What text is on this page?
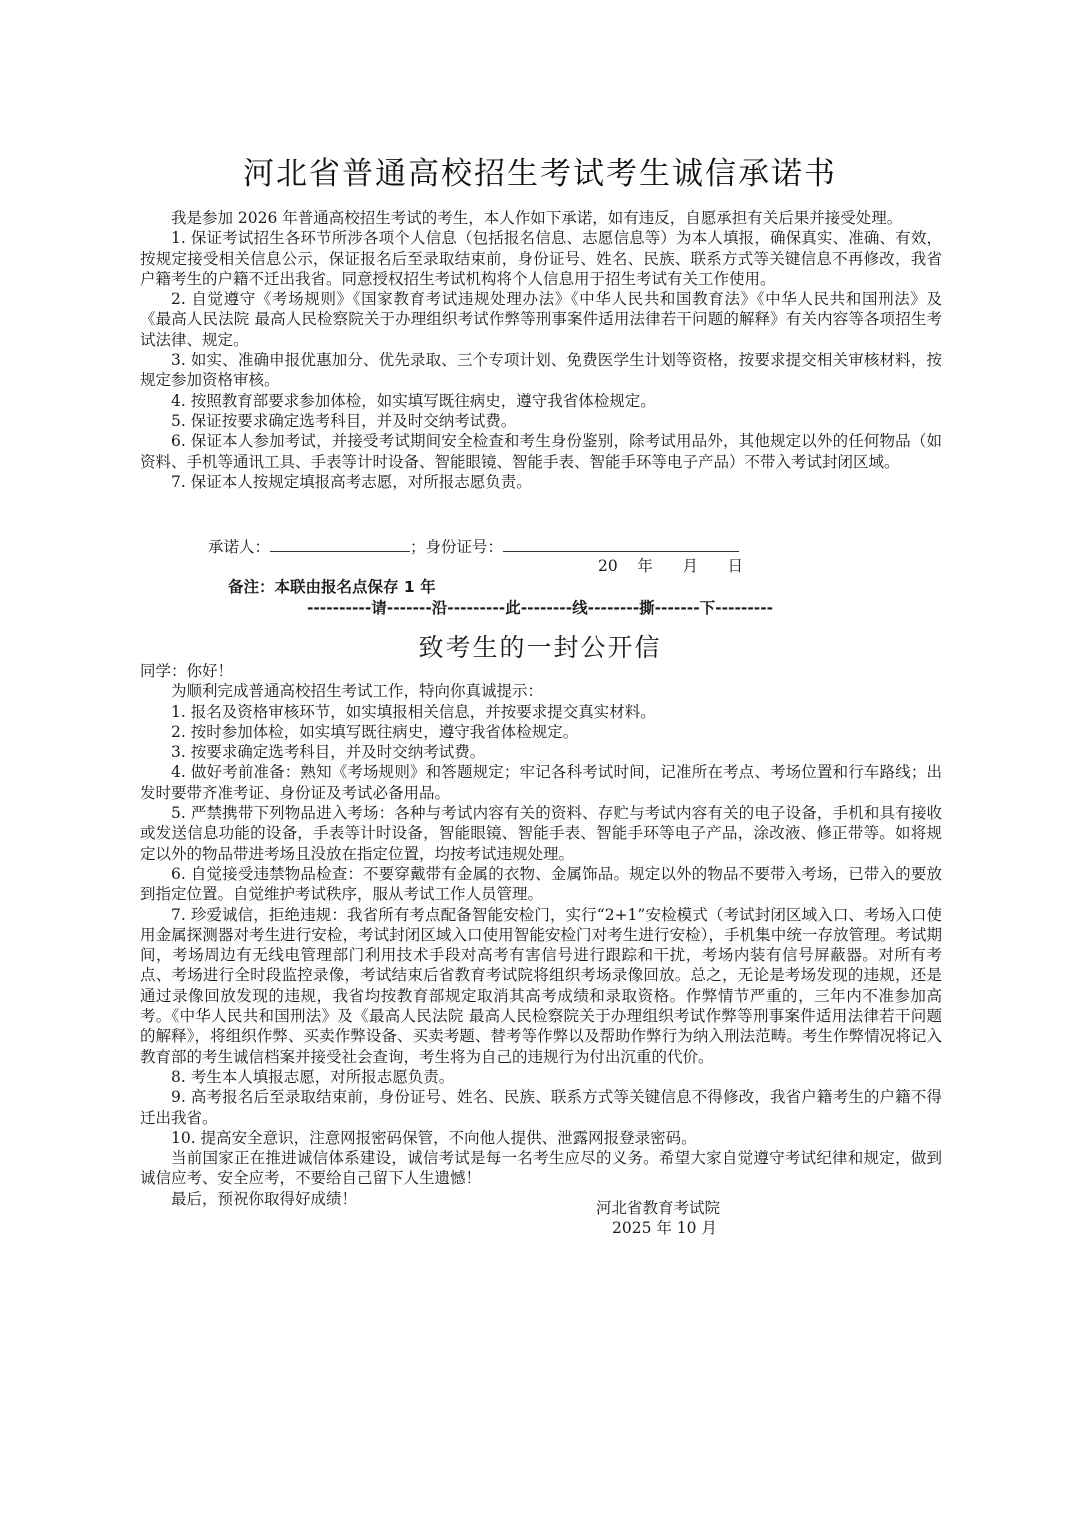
河北省普通高校招生考试考生诚信承诺书

我是参加 2026 年普通高校招生考试的考生，本人作如下承诺，如有违反，自愿承担有关后果并接受处理。

1. 保证考试招生各环节所涉各项个人信息（包括报名信息、志愿信息等）为本人填报，确保真实、准确、有效，按规定接受相关信息公示，保证报名后至录取结束前，身份证号、姓名、民族、联系方式等关键信息不再修改，我省户籍考生的户籍不迁出我省。同意授权招生考试机构将个人信息用于招生考试有关工作使用。

2. 自觉遵守《考场规则》《国家教育考试违规处理办法》《中华人民共和国教育法》《中华人民共和国刑法》及《最高人民法院 最高人民检察院关于办理组织考试作弊等刑事案件适用法律若干问题的解释》有关内容等各项招生考试法律、规定。

3. 如实、准确申报优惠加分、优先录取、三个专项计划、免费医学生计划等资格，按要求提交相关审核材料，按规定参加资格审核。

4. 按照教育部要求参加体检，如实填写既往病史，遵守我省体检规定。

5. 保证按要求确定选考科目，并及时交纳考试费。

6. 保证本人参加考试，并接受考试期间安全检查和考生身份鉴别，除考试用品外，其他规定以外的任何物品（如资料、手机等通讯工具、手表等计时设备、智能眼镜、智能手表、智能手环等电子产品）不带入考试封闭区域。

7. 保证本人按规定填报高考志愿，对所报志愿负责。

承诺人：	；身份证号：
20    年      月      日
备注：本联由报名点保存 1 年
----------请-------沿---------此--------线--------撕-------下---------
致考生的一封公开信

同学：你好！

为顺利完成普通高校招生考试工作，特向你真诚提示：

1. 报名及资格审核环节，如实填报相关信息，并按要求提交真实材料。

2. 按时参加体检，如实填写既往病史，遵守我省体检规定。

3. 按要求确定选考科目，并及时交纳考试费。

4. 做好考前准备：熟知《考场规则》和答题规定；牢记各科考试时间，记准所在考点、考场位置和行车路线；出发时要带齐准考证、身份证及考试必备用品。

5. 严禁携带下列物品进入考场：各种与考试内容有关的资料、存贮与考试内容有关的电子设备，手机和具有接收或发送信息功能的设备，手表等计时设备，智能眼镜、智能手表、智能手环等电子产品，涂改液、修正带等。如将规定以外的物品带进考场且没放在指定位置，均按考试违规处理。

6. 自觉接受违禁物品检查：不要穿戴带有金属的衣物、金属饰品。规定以外的物品不要带入考场，已带入的要放到指定位置。自觉维护考试秩序，服从考试工作人员管理。

7. 珍爱诚信，拒绝违规：我省所有考点配备智能安检门，实行“2+1”安检模式（考试封闭区域入口、考场入口使用金属探测器对考生进行安检，考试封闭区域入口使用智能安检门对考生进行安检），手机集中统一存放管理。考试期间，考场周边有无线电管理部门利用技术手段对高考有害信号进行跟踪和干扰，考场内装有信号屏蔽器。对所有考点、考场进行全时段监控录像，考试结束后省教育考试院将组织考场录像回放。总之，无论是考场发现的违规，还是通过录像回放发现的违规，我省均按教育部规定取消其高考成绩和录取资格。作弊情节严重的，三年内不准参加高考。《中华人民共和国刑法》及《最高人民法院 最高人民检察院关于办理组织考试作弊等刑事案件适用法律若干问题的解释》，将组织作弊、买卖作弊设备、买卖考题、替考等作弊以及帮助作弊行为纳入刑法范畴。考生作弊情况将记入教育部的考生诚信档案并接受社会查询，考生将为自己的违规行为付出沉重的代价。

8. 考生本人填报志愿，对所报志愿负责。

9. 高考报名后至录取结束前，身份证号、姓名、民族、联系方式等关键信息不得修改，我省户籍考生的户籍不得迁出我省。

10. 提高安全意识，注意网报密码保管，不向他人提供、泄露网报登录密码。

当前国家正在推进诚信体系建设，诚信考试是每一名考生应尽的义务。希望大家自觉遵守考试纪律和规定，做到诚信应考、安全应考，不要给自己留下人生遗憾！

最后，预祝你取得好成绩！

河北省教育考试院
2025 年 10 月
